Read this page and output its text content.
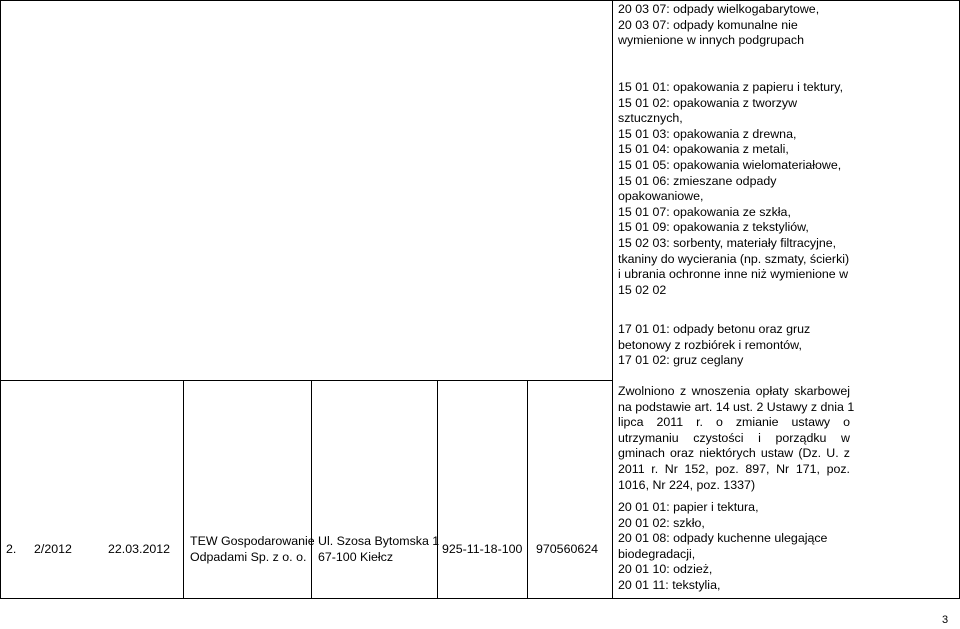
20 03 07: odpady wielkogabarytowe,
20 03 07: odpady komunalne nie
wymienione w innych podgrupach
15 01 01: opakowania z papieru i tektury,
15 01 02: opakowania z tworzyw
sztucznych,
15 01 03: opakowania z drewna,
15 01 04: opakowania z metali,
15 01 05: opakowania wielomateriałowe,
15 01 06: zmieszane odpady
opakowaniowe,
15 01 07: opakowania ze szkła,
15 01 09: opakowania z tekstyliów,
15 02 03: sorbenty, materiały filtracyjne,
tkaniny do wycierania (np. szmaty, ścierki)
i ubrania ochronne inne niż wymienione w
15 02 02
17 01 01: odpady betonu oraz gruz
betonowy z rozbiórek i remontów,
17 01 02: gruz ceglany
Zwolniono z wnoszenia opłaty skarbowej
na podstawie art. 14 ust. 2 Ustawy z dnia 1
lipca 2011 r. o zmianie ustawy o
utrzymaniu czystości i porządku w
gminach oraz niektórych ustaw (Dz. U. z
2011 r. Nr 152, poz. 897, Nr 171, poz.
1016, Nr 224, poz. 1337)
20 01 01: papier i tektura,
20 01 02: szkło,
20 01 08: odpady kuchenne ulegające
biodegradacji,
20 01 10: odzież,
20 01 11: tekstylia,
2. 2/2012	22.03.2012
TEW Gospodarowanie
Odpadami Sp. z o. o.
Ul. Szosa Bytomska 1
67-100 Kiełcz
925-11-18-100 970560624
3
